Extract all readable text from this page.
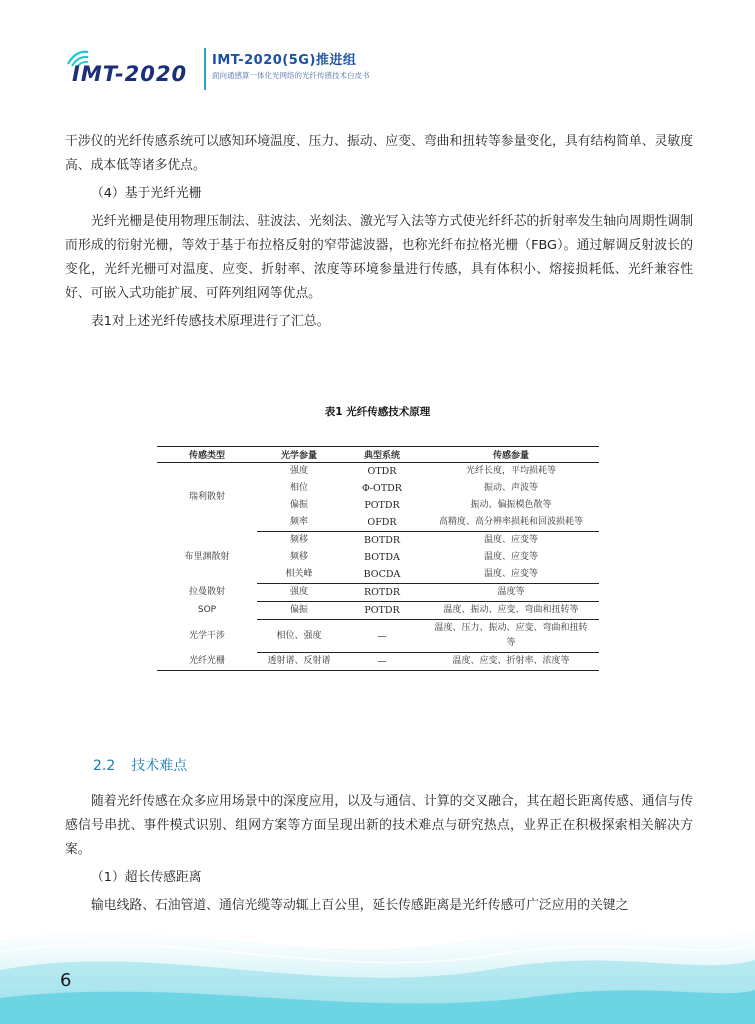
IMT-2020
IMT-2020(5G)推进组
面向通感算一体化光网络的光纤传感技术白皮书

干涉仪的光纤传感系统可以感知环境温度、压力、振动、应变、弯曲和扭转等参量变化，具有结构简单、灵敏度高、成本低等诸多优点。

（4）基于光纤光栅

光纤光栅是使用物理压制法、驻波法、光刻法、激光写入法等方式使光纤纤芯的折射率发生轴向周期性调制而形成的衍射光栅，等效于基于布拉格反射的窄带滤波器，也称光纤布拉格光栅（FBG）。通过解调反射波长的变化，光纤光栅可对温度、应变、折射率、浓度等环境参量进行传感，具有体积小、熔接损耗低、光纤兼容性好、可嵌入式功能扩展、可阵列组网等优点。

表1对上述光纤传感技术原理进行了汇总。

表1 光纤传感技术原理
传感类型	光学参量	典型系统	传感参量
瑞利散射	强度	OTDR	光纤长度，平均损耗等
	相位	Φ-OTDR	振动、声波等
	偏振	POTDR	振动、偏振模色散等
	频率	OFDR	高精度、高分辨率损耗和回波损耗等
布里渊散射	频移	BOTDR	温度、应变等
	频移	BOTDA	温度、应变等
	相关峰	BOCDA	温度、应变等
拉曼散射	强度	ROTDR	温度等
SOP	偏振	POTDR	温度、振动、应变、弯曲和扭转等
光学干涉	相位、强度	—	温度、压力、振动、应变、弯曲和扭转等
光纤光栅	透射谱、反射谱	—	温度、应变、折射率、浓度等
2.2 技术难点

随着光纤传感在众多应用场景中的深度应用，以及与通信、计算的交叉融合，其在超长距离传感、通信与传感信号串扰、事件模式识别、组网方案等方面呈现出新的技术难点与研究热点，业界正在积极探索相关解决方案。

（1）超长传感距离

输电线路、石油管道、通信光缆等动辄上百公里，延长传感距离是光纤传感可广泛应用的关键之

6
